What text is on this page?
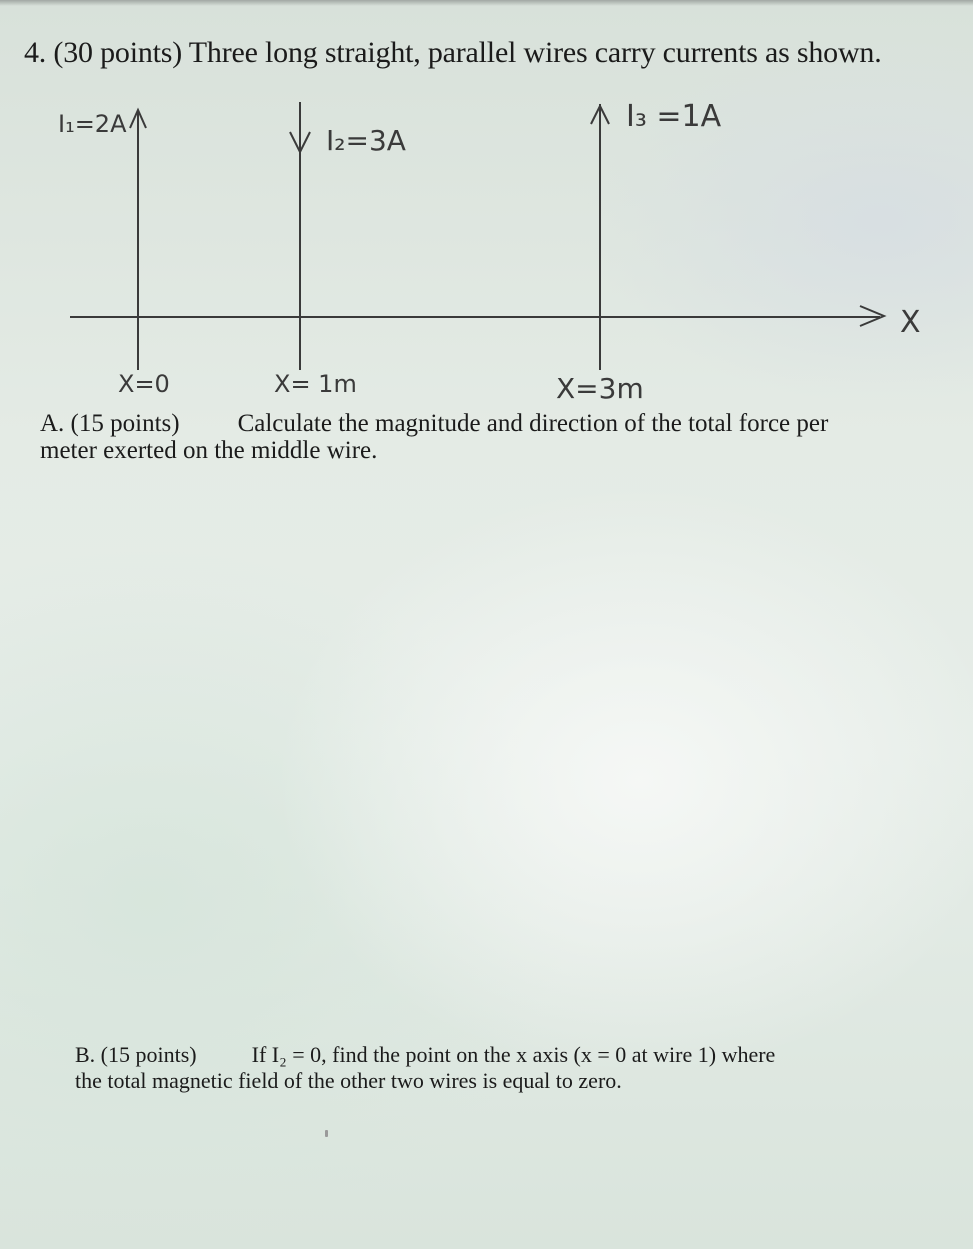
4. (30 points) Three long straight, parallel wires carry currents as shown.
I₁=2A	I₂=3A
I₃ =1A
X
X=0	X= 1m	X=3m
A. (15 points) Calculate the magnitude and direction of the total force per
meter exerted on the middle wire.
B. (15 points)	If I₂ = 0, find the point on the x axis (x = 0 at wire 1) where
the total magnetic field of the other two wires is equal to zero.
